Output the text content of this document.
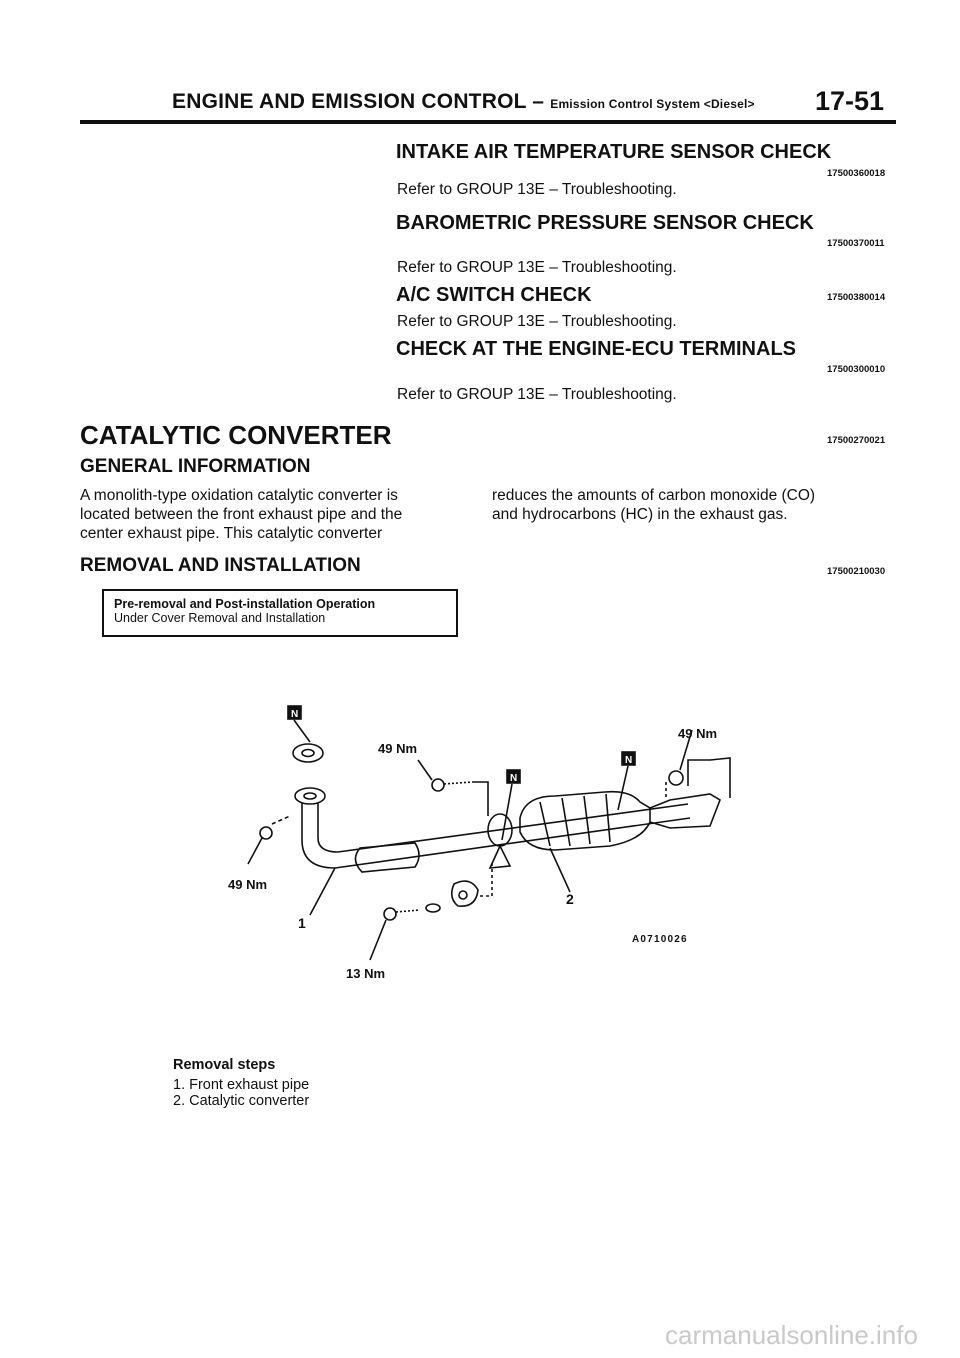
ENGINE AND EMISSION CONTROL – Emission Control System <Diesel> 17-51
INTAKE AIR TEMPERATURE SENSOR CHECK
17500360018
Refer to GROUP 13E – Troubleshooting.
BAROMETRIC PRESSURE SENSOR CHECK
17500370011
Refer to GROUP 13E – Troubleshooting.
A/C SWITCH CHECK	17500380014
Refer to GROUP 13E – Troubleshooting.
CHECK AT THE ENGINE-ECU TERMINALS
17500300010
Refer to GROUP 13E – Troubleshooting.
CATALYTIC CONVERTER	17500270021
GENERAL INFORMATION
A monolith-type oxidation catalytic converter is
located between the front exhaust pipe and the
center exhaust pipe. This catalytic converter
reduces the amounts of carbon monoxide (CO)
and hydrocarbons (HC) in the exhaust gas.
REMOVAL AND INSTALLATION	17500210030
Pre-removal and Post-installation Operation
Under Cover Removal and Installation
49 Nm
49 Nm
49 Nm
13 Nm
1
2
A0710026
N
N
N
Removal steps
1. Front exhaust pipe
2. Catalytic converter
carmanualsonline.info
